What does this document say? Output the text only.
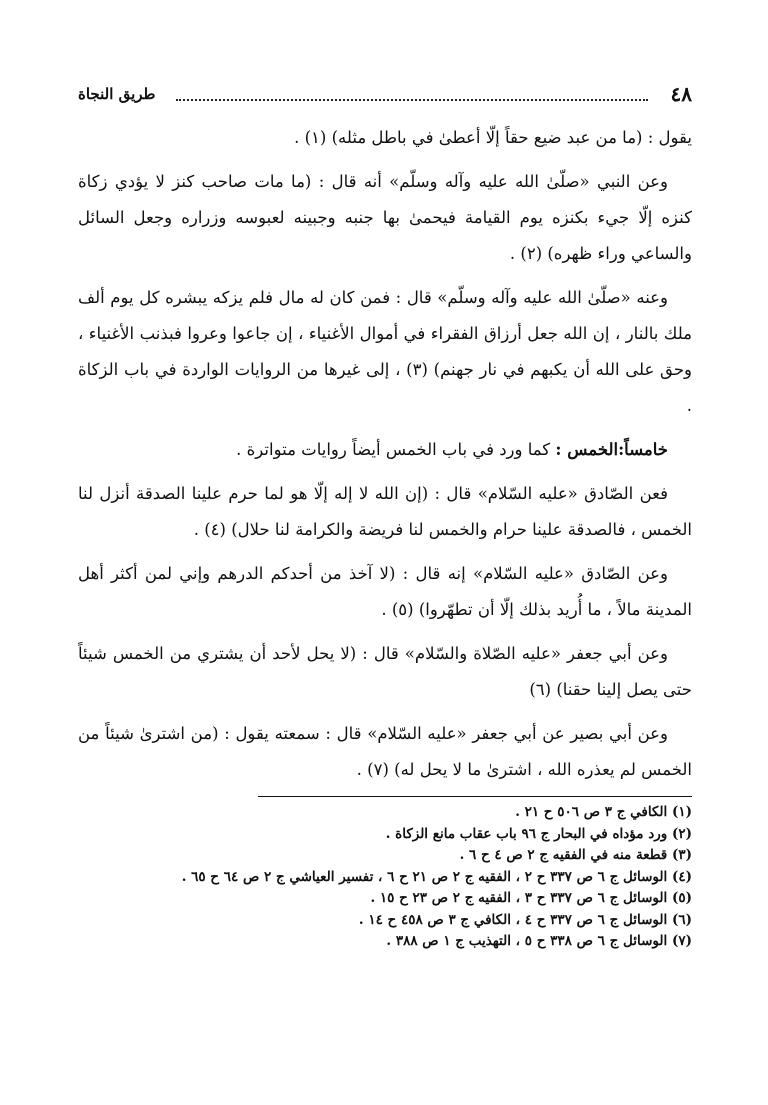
٤٨
طريق النجاة

يقول : (ما من عبد ضيع حقاً إلّا أعطىٰ في باطل مثله) (١) .

وعن النبي «صلّىٰ الله عليه وآله وسلّم» أنه قال : (ما مات صاحب كنز لا يؤدي زكاة كنزه إلّا جيء بكنزه يوم القيامة فيحمىٰ بها جنبه وجبينه لعبوسه وزراره وجعل السائل والساعي وراء ظهره) (٢) .

وعنه «صلّىٰ الله عليه وآله وسلّم» قال : فمن كان له مال فلم يزكه يبشره كل يوم ألف ملك بالنار ، إن الله جعل أرزاق الفقراء في أموال الأغنياء ، إن جاعوا وعروا فبذنب الأغنياء ، وحق على الله أن يكبهم في نار جهنم) (٣) ، إلى غيرها من الروايات الواردة في باب الزكاة .

خامساً:الخمس : كما ورد في باب الخمس أيضاً روايات متواترة .

فعن الصّادق «عليه السّلام» قال : (إن الله لا إله إلّا هو لما حرم علينا الصدقة أنزل لنا الخمس ، فالصدقة علينا حرام والخمس لنا فريضة والكرامة لنا حلال) (٤) .

وعن الصّادق «عليه السّلام» إنه قال : (لا آخذ من أحدكم الدرهم وإني لمن أكثر أهل المدينة مالاً ، ما أُريد بذلك إلّا أن تطهّروا) (٥) .

وعن أبي جعفر «عليه الصّلاة والسّلام» قال : (لا يحل لأحد أن يشتري من الخمس شيئاً حتى يصل إلينا حقنا) (٦)

وعن أبي بصير عن أبي جعفر «عليه السّلام» قال : سمعته يقول : (من اشترىٰ شيئاً من الخمس لم يعذره الله ، اشترىٰ ما لا يحل له) (٧) .

(١) الكافي ج ٣ ص ٥٠٦ ح ٢١ .
(٢) ورد مؤداه في البحار ج ٩٦ باب عقاب مانع الزكاة .
(٣) قطعة منه في الفقيه ج ٢ ص ٤ ح ٦ .
(٤) الوسائل ج ٦ ص ٣٣٧ ح ٢ ، الفقيه ج ٢ ص ٢١ ح ٦ ، تفسير العياشي ج ٢ ص ٦٤ ح ٦٥ .
(٥) الوسائل ج ٦ ص ٣٣٧ ح ٣ ، الفقيه ج ٢ ص ٢٣ ح ١٥ .
(٦) الوسائل ج ٦ ص ٣٣٧ ح ٤ ، الكافي ج ٣ ص ٤٥٨ ح ١٤ .
(٧) الوسائل ج ٦ ص ٣٣٨ ح ٥ ، التهذيب ج ١ ص ٣٨٨ .
